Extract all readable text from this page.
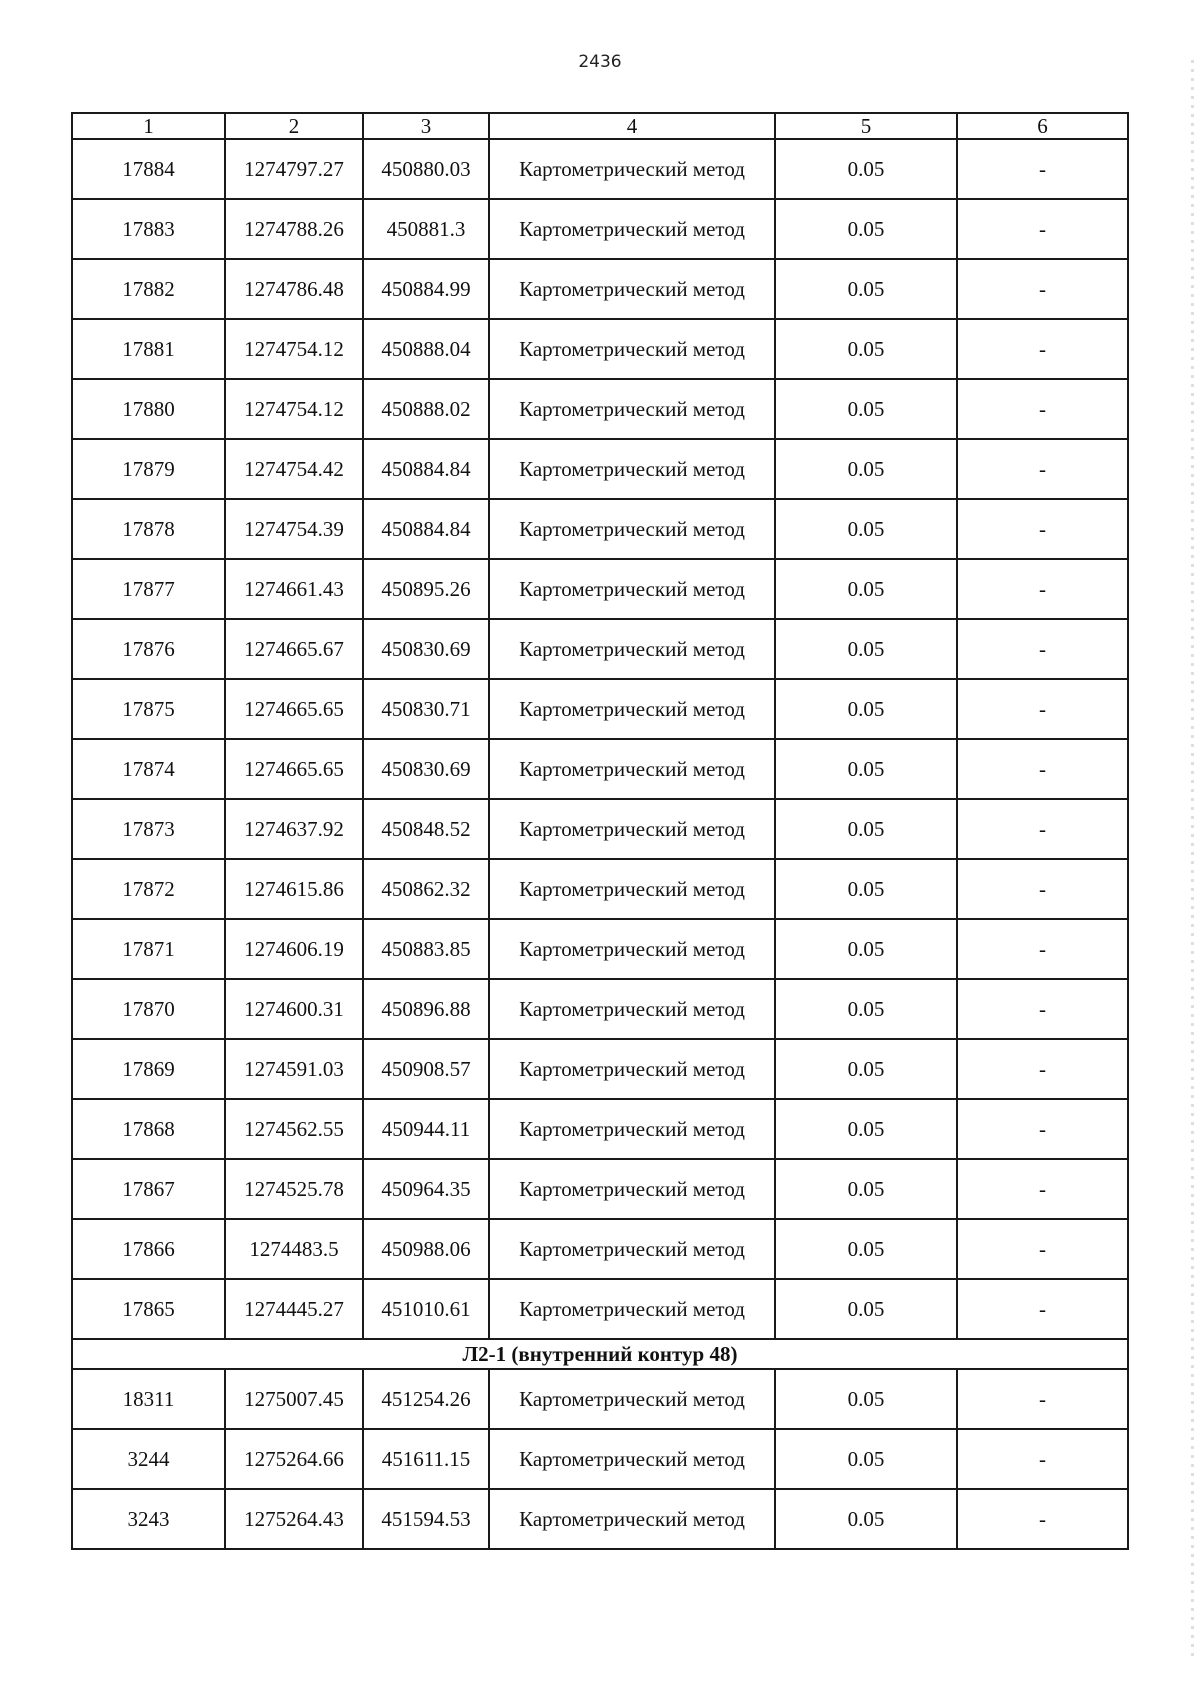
2436
1	2	3	4	5	6
17884	1274797.27	450880.03	Картометрический метод	0.05	-
17883	1274788.26	450881.3	Картометрический метод	0.05	-
17882	1274786.48	450884.99	Картометрический метод	0.05	-
17881	1274754.12	450888.04	Картометрический метод	0.05	-
17880	1274754.12	450888.02	Картометрический метод	0.05	-
17879	1274754.42	450884.84	Картометрический метод	0.05	-
17878	1274754.39	450884.84	Картометрический метод	0.05	-
17877	1274661.43	450895.26	Картометрический метод	0.05	-
17876	1274665.67	450830.69	Картометрический метод	0.05	-
17875	1274665.65	450830.71	Картометрический метод	0.05	-
17874	1274665.65	450830.69	Картометрический метод	0.05	-
17873	1274637.92	450848.52	Картометрический метод	0.05	-
17872	1274615.86	450862.32	Картометрический метод	0.05	-
17871	1274606.19	450883.85	Картометрический метод	0.05	-
17870	1274600.31	450896.88	Картометрический метод	0.05	-
17869	1274591.03	450908.57	Картометрический метод	0.05	-
17868	1274562.55	450944.11	Картометрический метод	0.05	-
17867	1274525.78	450964.35	Картометрический метод	0.05	-
17866	1274483.5	450988.06	Картометрический метод	0.05	-
17865	1274445.27	451010.61	Картометрический метод	0.05	-
Л2-1 (внутренний контур 48)					
18311	1275007.45	451254.26	Картометрический метод	0.05	-
3244	1275264.66	451611.15	Картометрический метод	0.05	-
3243	1275264.43	451594.53	Картометрический метод	0.05	-
